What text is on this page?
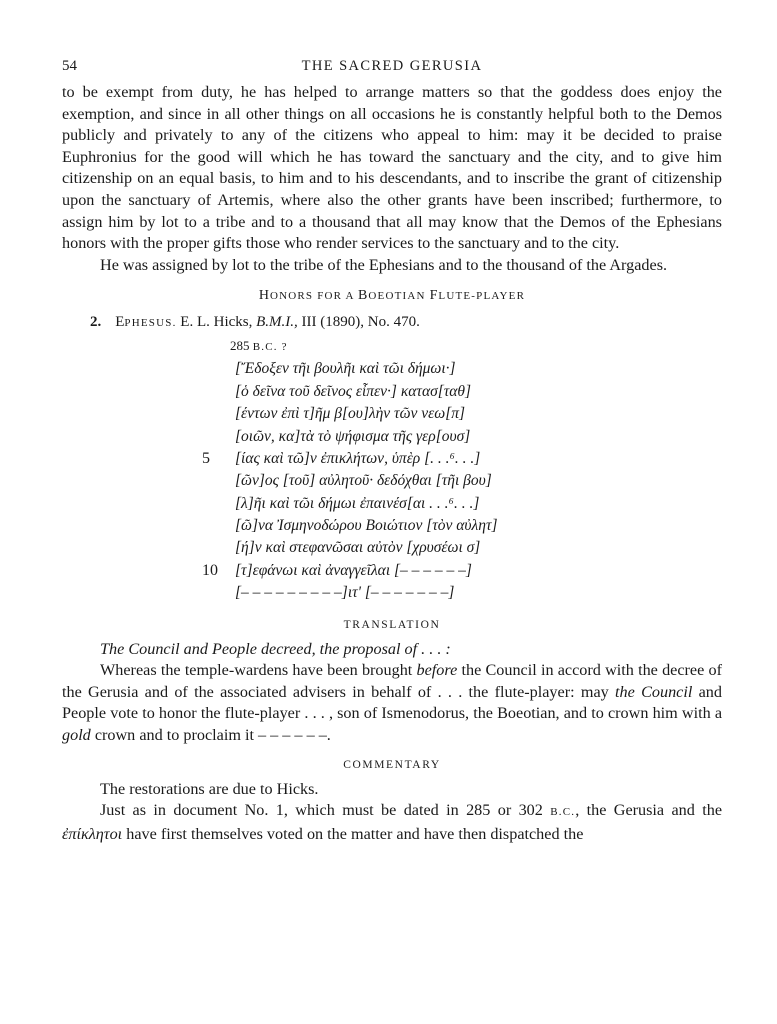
54	THE SACRED GERUSIA

to be exempt from duty, he has helped to arrange matters so that the goddess does enjoy the exemption, and since in all other things on all occasions he is constantly helpful both to the Demos publicly and privately to any of the citizens who appeal to him: may it be decided to praise Euphronius for the good will which he has toward the sanctuary and the city, and to give him citizenship on an equal basis, to him and to his descendants, and to inscribe the grant of citizenship upon the sanctuary of Artemis, where also the other grants have been inscribed; furthermore, to assign him by lot to a tribe and to a thousand that all may know that the Demos of the Ephesians honors with the proper gifts those who render services to the sanctuary and to the city.

He was assigned by lot to the tribe of the Ephesians and to the thousand of the Argades.

HONORS FOR A BOEOTIAN FLUTE-PLAYER
2. EPHESUS. E. L. Hicks, B.M.I., III (1890), No. 470.
285 B.C. ?
[Ἔδοξεν τῆι βουλῆι καὶ τῶι δήμωι·]
[ὁ δεῖνα τοῦ δεῖνος εἶπεν·] κατασ[ταθ]
[έντων ἐπὶ τ]ῆμ β[ου]λὴν τῶν νεω[π]
[οιῶν, κα]τὰ τὸ ψήφισμα τῆς γερ[ουσ]
5	[ίας καὶ τῶ]ν ἐπικλήτων, ὑπὲρ [. . .⁶. . .]
[ῶν]ος [τοῦ] αὐλητοῦ· δεδόχθαι [τῆι βου]
[λ]ῆι καὶ τῶι δήμωι ἐπαινέσ[αι . . .⁶. . .]
[ῶ]να Ἰσμηνοδώρου Βοιώτιον [τὸν αὐλητ]
[ή]ν καὶ στεφανῶσαι αὐτὸν [χρυσέωι σ]
10	[τ]εφάνωι καὶ ἀναγγεῖλαι [– – – – – –]
[– – – – – – – – –]ιτ' [– – – – – – –]
TRANSLATION

The Council and People decreed, the proposal of . . . :

Whereas the temple-wardens have been brought before the Council in accord with the decree of the Gerusia and of the associated advisers in behalf of . . . the flute-player: may the Council and People vote to honor the flute-player . . . , son of Ismenodorus, the Boeotian, and to crown him with a gold crown and to proclaim it – – – – – –.

COMMENTARY

The restorations are due to Hicks.

Just as in document No. 1, which must be dated in 285 or 302 B.C., the Gerusia and the ἐπίκλητοι have first themselves voted on the matter and have then dispatched the
